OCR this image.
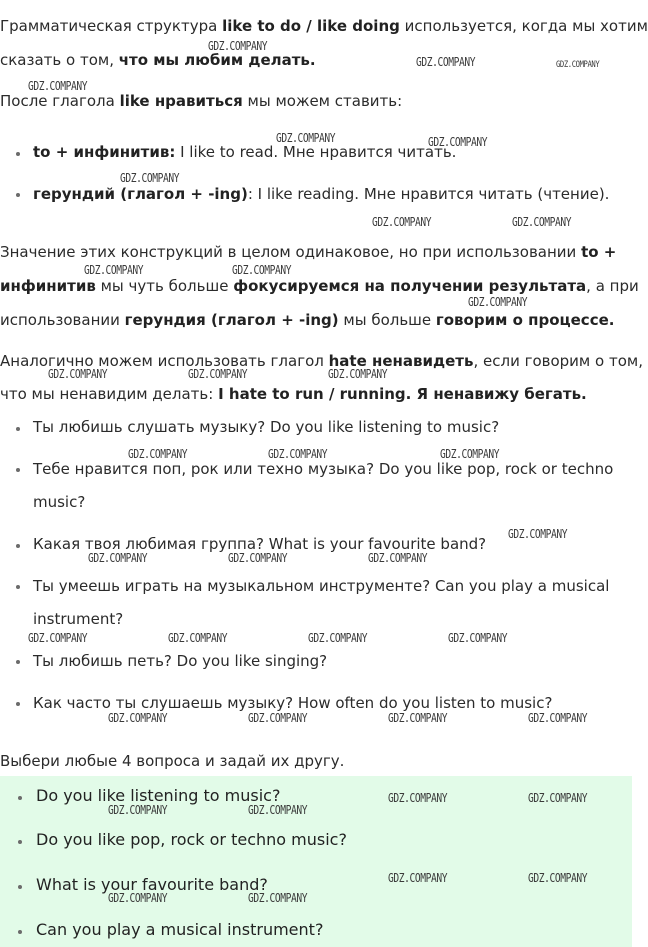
Грамматическая структура like to do / like doing используется, когда мы хотим
сказать о том, что мы любим делать.
После глагола like нравиться мы можем ставить:
to + инфинитив: I like to read. Мне нравится читать.
герундий (глагол + -ing): I like reading. Мне нравится читать (чтение).
Значение этих конструкций в целом одинаковое, но при использовании to +
инфинитив мы чуть больше фокусируемся на получении результата, а при
использовании герундия (глагол + -ing) мы больше говорим о процессе.
Аналогично можем использовать глагол hate ненавидеть, если говорим о том,
что мы ненавидим делать: I hate to run / running. Я ненавижу бегать.
Ты любишь слушать музыку? Do you like listening to music?
Тебе нравится поп, рок или техно музыка? Do you like pop, rock or techno
music?
Какая твоя любимая группа? What is your favourite band?
Ты умеешь играть на музыкальном инструменте? Can you play a musical
instrument?
Ты любишь петь? Do you like singing?
Как часто ты слушаешь музыку? How often do you listen to music?
Выбери любые 4 вопроса и задай их другу.
Do you like listening to music?
Do you like pop, rock or techno music?
What is your favourite band?
Can you play a musical instrument?
GDZ.COMPANY
GDZ.COMPANY	GDZ.COMPANY
GDZ.COMPANY
GDZ.COMPANY	GDZ.COMPANY
GDZ.COMPANY
GDZ.COMPANY	GDZ.COMPANY
GDZ.COMPANY	GDZ.COMPANY
GDZ.COMPANY
GDZ.COMPANY	GDZ.COMPANY	GDZ.COMPANY
GDZ.COMPANY	GDZ.COMPANY	GDZ.COMPANY
GDZ.COMPANY
GDZ.COMPANY	GDZ.COMPANY	GDZ.COMPANY
GDZ.COMPANY	GDZ.COMPANY	GDZ.COMPANY	GDZ.COMPANY
GDZ.COMPANY	GDZ.COMPANY	GDZ.COMPANY	GDZ.COMPANY
GDZ.COMPANY	GDZ.COMPANY
GDZ.COMPANY	GDZ.COMPANY
GDZ.COMPANY	GDZ.COMPANY
GDZ.COMPANY	GDZ.COMPANY
